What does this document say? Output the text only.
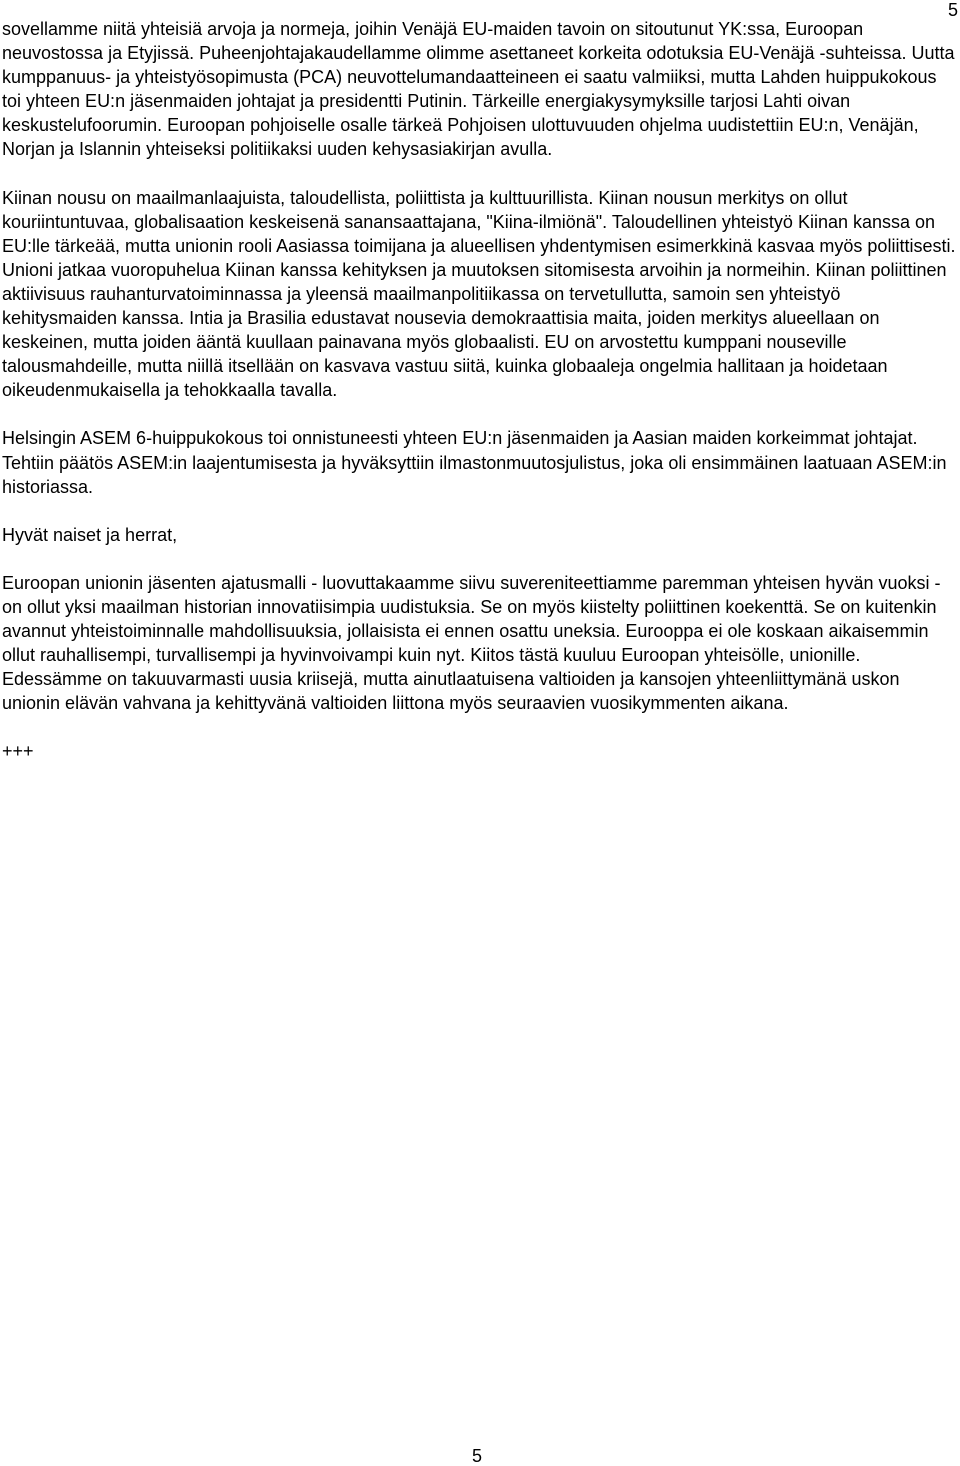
5

sovellamme niitä yhteisiä arvoja ja normeja, joihin Venäjä EU-maiden tavoin on sitoutunut YK:ssa, Euroopan neuvostossa ja Etyjissä. Puheenjohtajakaudellamme olimme asettaneet korkeita odotuksia EU-Venäjä -suhteissa. Uutta kumppanuus- ja yhteistyösopimusta (PCA) neuvottelumandaatteineen ei saatu valmiiksi, mutta Lahden huippukokous toi yhteen EU:n jäsenmaiden johtajat ja presidentti Putinin. Tärkeille energiakysymyksille tarjosi Lahti oivan keskustelufoorumin. Euroopan pohjoiselle osalle tärkeä Pohjoisen ulottuvuuden ohjelma uudistettiin EU:n, Venäjän, Norjan ja Islannin yhteiseksi politiikaksi uuden kehysasiakirjan avulla.

Kiinan nousu on maailmanlaajuista, taloudellista, poliittista ja kulttuurillista. Kiinan nousun merkitys on ollut kouriintuntuvaa, globalisaation keskeisenä sanansaattajana, "Kiina-ilmiönä". Taloudellinen yhteistyö Kiinan kanssa on EU:lle tärkeää, mutta unionin rooli Aasiassa toimijana ja alueellisen yhdentymisen esimerkkinä kasvaa myös poliittisesti. Unioni jatkaa vuoropuhelua Kiinan kanssa kehityksen ja muutoksen sitomisesta arvoihin ja normeihin. Kiinan poliittinen aktiivisuus rauhanturvatoiminnassa ja yleensä maailmanpolitiikassa on tervetullutta, samoin sen yhteistyö kehitysmaiden kanssa. Intia ja Brasilia edustavat nousevia demokraattisia maita, joiden merkitys alueellaan on keskeinen, mutta joiden ääntä kuullaan painavana myös globaalisti. EU on arvostettu kumppani nouseville talousmahdeille, mutta niillä itsellään on kasvava vastuu siitä, kuinka globaaleja ongelmia hallitaan ja hoidetaan oikeudenmukaisella ja tehokkaalla tavalla.

Helsingin ASEM 6-huippukokous toi onnistuneesti yhteen EU:n jäsenmaiden ja Aasian maiden korkeimmat johtajat. Tehtiin päätös ASEM:in laajentumisesta ja hyväksyttiin ilmastonmuutosjulistus, joka oli ensimmäinen laatuaan ASEM:in historiassa.

Hyvät naiset ja herrat,

Euroopan unionin jäsenten ajatusmalli - luovuttakaamme siivu suvereniteettiamme paremman yhteisen hyvän vuoksi - on ollut yksi maailman historian innovatiisimpia uudistuksia. Se on myös kiistelty poliittinen koekenttä. Se on kuitenkin avannut yhteistoiminnalle mahdollisuuksia, jollaisista ei ennen osattu uneksia. Eurooppa ei ole koskaan aikaisemmin ollut rauhallisempi, turvallisempi ja hyvinvoivampi kuin nyt. Kiitos tästä kuuluu Euroopan yhteisölle, unionille. Edessämme on takuuvarmasti uusia kriisejä, mutta ainutlaatuisena valtioiden ja kansojen yhteenliittymänä uskon unionin elävän vahvana ja kehittyvänä valtioiden liittona myös seuraavien vuosikymmenten aikana.

+++

5
